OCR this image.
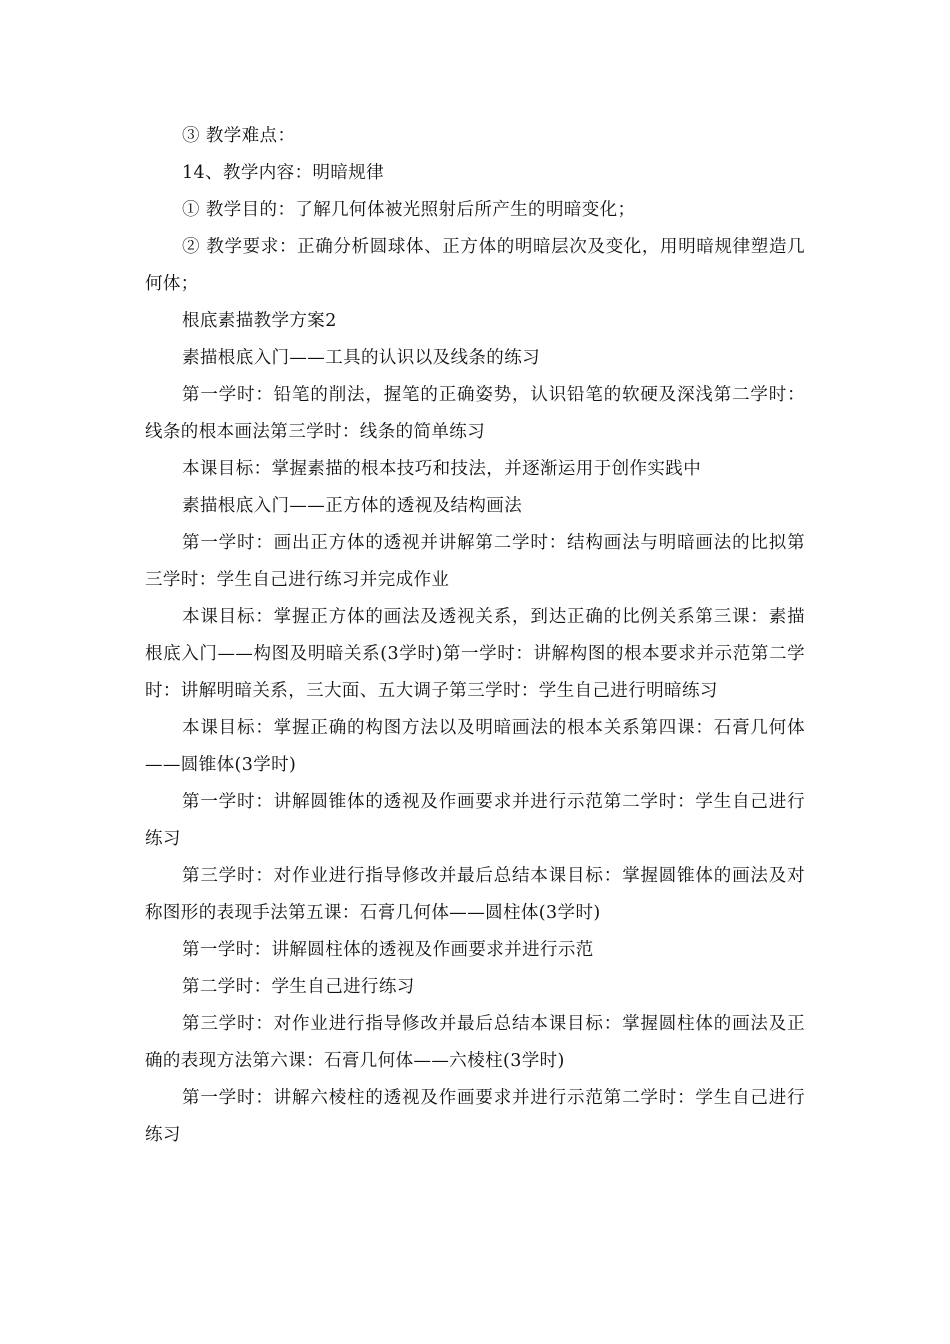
③ 教学难点：

14、教学内容：明暗规律

① 教学目的：了解几何体被光照射后所产生的明暗变化；

② 教学要求：正确分析圆球体、正方体的明暗层次及变化，用明暗规律塑造几何体；

根底素描教学方案2

素描根底入门——工具的认识以及线条的练习

第一学时：铅笔的削法，握笔的正确姿势，认识铅笔的软硬及深浅第二学时：线条的根本画法第三学时：线条的简单练习

本课目标：掌握素描的根本技巧和技法，并逐渐运用于创作实践中

素描根底入门——正方体的透视及结构画法

第一学时：画出正方体的透视并讲解第二学时：结构画法与明暗画法的比拟第三学时：学生自己进行练习并完成作业

本课目标：掌握正方体的画法及透视关系，到达正确的比例关系第三课：素描根底入门——构图及明暗关系(3学时)第一学时：讲解构图的根本要求并示范第二学时：讲解明暗关系，三大面、五大调子第三学时：学生自己进行明暗练习

本课目标：掌握正确的构图方法以及明暗画法的根本关系第四课：石膏几何体——圆锥体(3学时)

第一学时：讲解圆锥体的透视及作画要求并进行示范第二学时：学生自己进行练习

第三学时：对作业进行指导修改并最后总结本课目标：掌握圆锥体的画法及对称图形的表现手法第五课：石膏几何体——圆柱体(3学时)

第一学时：讲解圆柱体的透视及作画要求并进行示范

第二学时：学生自己进行练习

第三学时：对作业进行指导修改并最后总结本课目标：掌握圆柱体的画法及正确的表现方法第六课：石膏几何体——六棱柱(3学时)

第一学时：讲解六棱柱的透视及作画要求并进行示范第二学时：学生自己进行练习
